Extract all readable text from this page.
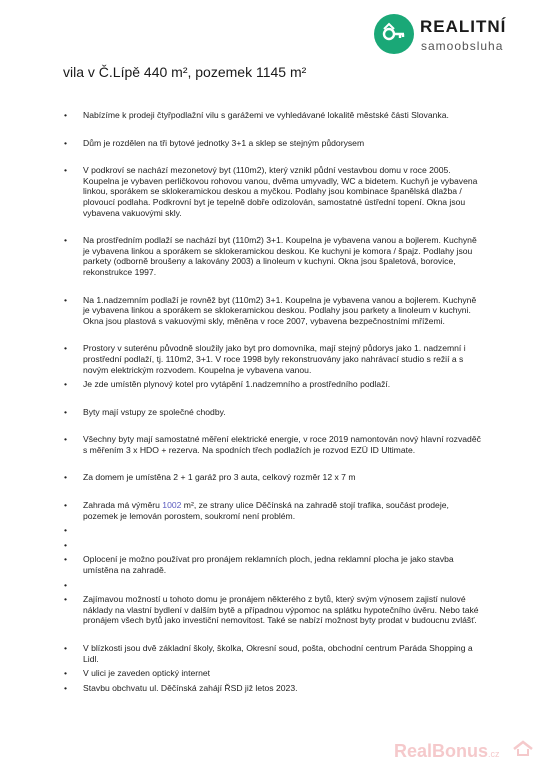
REALITNÍ
samoobsluha
vila v Č.Lípě 440 m², pozemek 1145 m²
• Nabízíme k prodeji čtyřpodlažní vilu s garážemi ve vyhledávané lokalitě městské části Slovanka.
• Dům je rozdělen na tři bytové jednotky 3+1 a sklep se stejným půdorysem
• V podkroví se nachází mezonetový byt (110m2), který vznikl půdní vestavbou domu v roce 2005. Koupelna je vybaven perličkovou rohovou vanou, dvěma umyvadly, WC a bidetem. Kuchyň je vybavena linkou, sporákem se sklokeramickou deskou a myčkou. Podlahy jsou kombinace španělská dlažba / plovoucí podlaha. Podkrovní byt je tepelně dobře odizolován, samostatné ústřední topení. Okna jsou vybavena vakuovými skly.
• Na prostředním podlaží se nachází byt (110m2) 3+1. Koupelna je vybavena vanou a bojlerem. Kuchyně je vybavena linkou a sporákem se sklokeramickou deskou. Ke kuchyni je komora / špajz. Podlahy jsou parkety (odborně broušeny a lakovány 2003) a linoleum v kuchyni. Okna jsou špaletová, borovice, rekonstrukce 1997.
• Na 1.nadzemním podlaží je rovněž byt (110m2) 3+1. Koupelna je vybavena vanou a bojlerem. Kuchyně je vybavena linkou a sporákem se sklokeramickou deskou. Podlahy jsou parkety a linoleum v kuchyni. Okna jsou plastová s vakuovými skly, měněna v roce 2007, vybavena bezpečnostními mřížemi.
• Prostory v suterénu původně sloužily jako byt pro domovníka, mají stejný půdorys jako 1. nadzemní i prostřední podlaží, tj. 110m2, 3+1. V roce 1998 byly rekonstruovány jako nahrávací studio s režií a s novým elektrickým rozvodem. Koupelna je vybavena vanou.
• Je zde umístěn plynový kotel pro vytápění 1.nadzemního a prostředního podlaží.
• Byty mají vstupy ze společné chodby.
• Všechny byty mají samostatné měření elektrické energie, v roce 2019 namontován nový hlavní rozvaděč s měřením 3 x HDO + rezerva. Na spodních třech podlažích je rozvod EZÜ ID Ultimate.
• Za domem je umístěna 2 + 1 garáž pro 3 auta, celkový rozměr 12 x 7 m
• Zahrada má výměru 1002 m², ze strany ulice Děčínská na zahradě stojí trafika, součást prodeje, pozemek je lemován porostem, soukromí není problém.
•
•
• Oplocení je možno používat pro pronájem reklamních ploch, jedna reklamní plocha je jako stavba umístěna na zahradě.
•
• Zajímavou možností u tohoto domu je pronájem některého z bytů, který svým výnosem zajistí nulové náklady na vlastní bydlení v dalším bytě a případnou výpomoc na splátku hypotečního úvěru. Nebo také pronájem všech bytů jako investiční nemovitost. Také se nabízí možnost byty prodat v budoucnu zvlášť.
• V blízkosti jsou dvě základní školy, školka, Okresní soud, pošta, obchodní centrum Paráda Shopping a Lidl.
• V ulici je zaveden optický internet
• Stavbu obchvatu ul. Děčínská zahájí ŘSD již letos 2023.
RealBonus.cz
